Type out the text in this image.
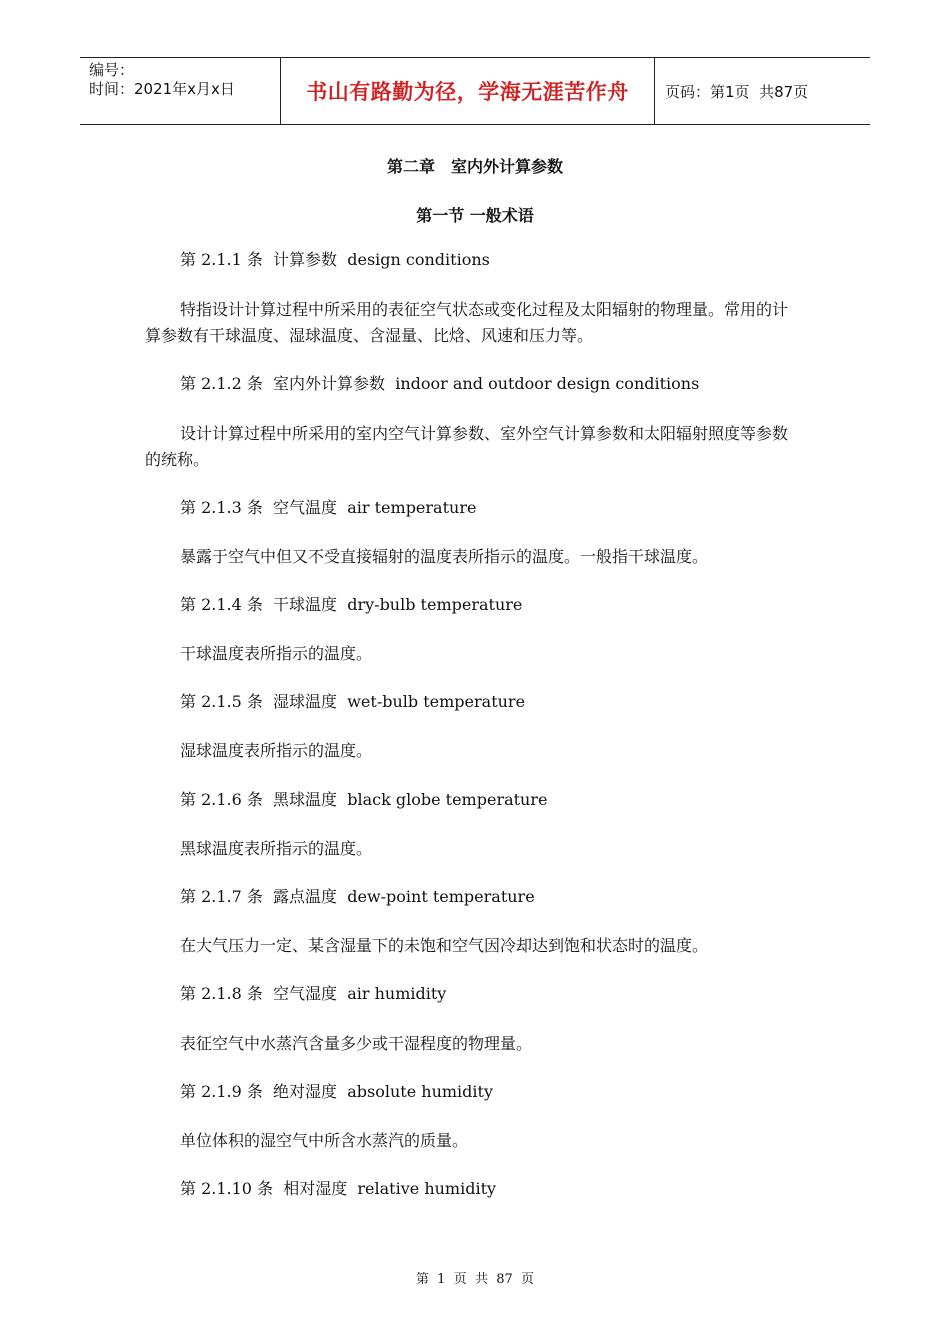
编号：
时间：2021年x月x日	书山有路勤为径，学海无涯苦作舟	页码：第1页  共87页
第二章　室内外计算参数
第一节 一般术语
第 2.1.1 条  计算参数  design conditions
特指设计计算过程中所采用的表征空气状态或变化过程及太阳辐射的物理量。常用的计算参数有干球温度、湿球温度、含湿量、比焓、风速和压力等。
第 2.1.2 条  室内外计算参数  indoor and outdoor design conditions
设计计算过程中所采用的室内空气计算参数、室外空气计算参数和太阳辐射照度等参数的统称。
第 2.1.3 条  空气温度  air temperature
暴露于空气中但又不受直接辐射的温度表所指示的温度。一般指干球温度。
第 2.1.4 条  干球温度  dry-bulb temperature
干球温度表所指示的温度。
第 2.1.5 条  湿球温度  wet-bulb temperature
湿球温度表所指示的温度。
第 2.1.6 条  黑球温度  black globe temperature
黑球温度表所指示的温度。
第 2.1.7 条  露点温度  dew-point temperature
在大气压力一定、某含湿量下的未饱和空气因冷却达到饱和状态时的温度。
第 2.1.8 条  空气湿度  air humidity
表征空气中水蒸汽含量多少或干湿程度的物理量。
第 2.1.9 条  绝对湿度  absolute humidity
单位体积的湿空气中所含水蒸汽的质量。
第 2.1.10 条  相对湿度  relative humidity
第  1  页  共  87  页
